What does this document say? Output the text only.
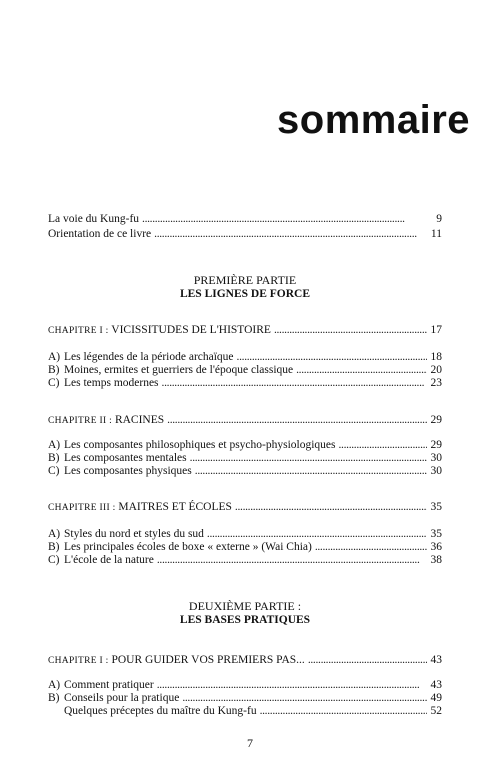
sommaire
La voie du Kung-fu . . .	9
Orientation de ce livre . . .	11
PREMIÈRE PARTIE
LES LIGNES DE FORCE
CHAPITRE I : VICISSITUDES DE L'HISTOIRE . . .	17
A) Les légendes de la période archaïque . . .	18
B) Moines, ermites et guerriers de l'époque classique . . .	20
C) Les temps modernes . . .	23
CHAPITRE II : RACINES . . .	29
A) Les composantes philosophiques et psycho-physiologiques . . .	29
B) Les composantes mentales . . .	30
C) Les composantes physiques . . .	30
CHAPITRE III : MAITRES ET ÉCOLES . . .	35
A) Styles du nord et styles du sud . . .	35
B) Les principales écoles de boxe « externe » (Wai Chia) . . .	36
C) L'école de la nature . . .	38
DEUXIÈME PARTIE :
LES BASES PRATIQUES
CHAPITRE I : POUR GUIDER VOS PREMIERS PAS... . . .	43
A) Comment pratiquer . . .	43
B) Conseils pour la pratique . . .	49
Quelques préceptes du maître du Kung-fu . . .	52
7
